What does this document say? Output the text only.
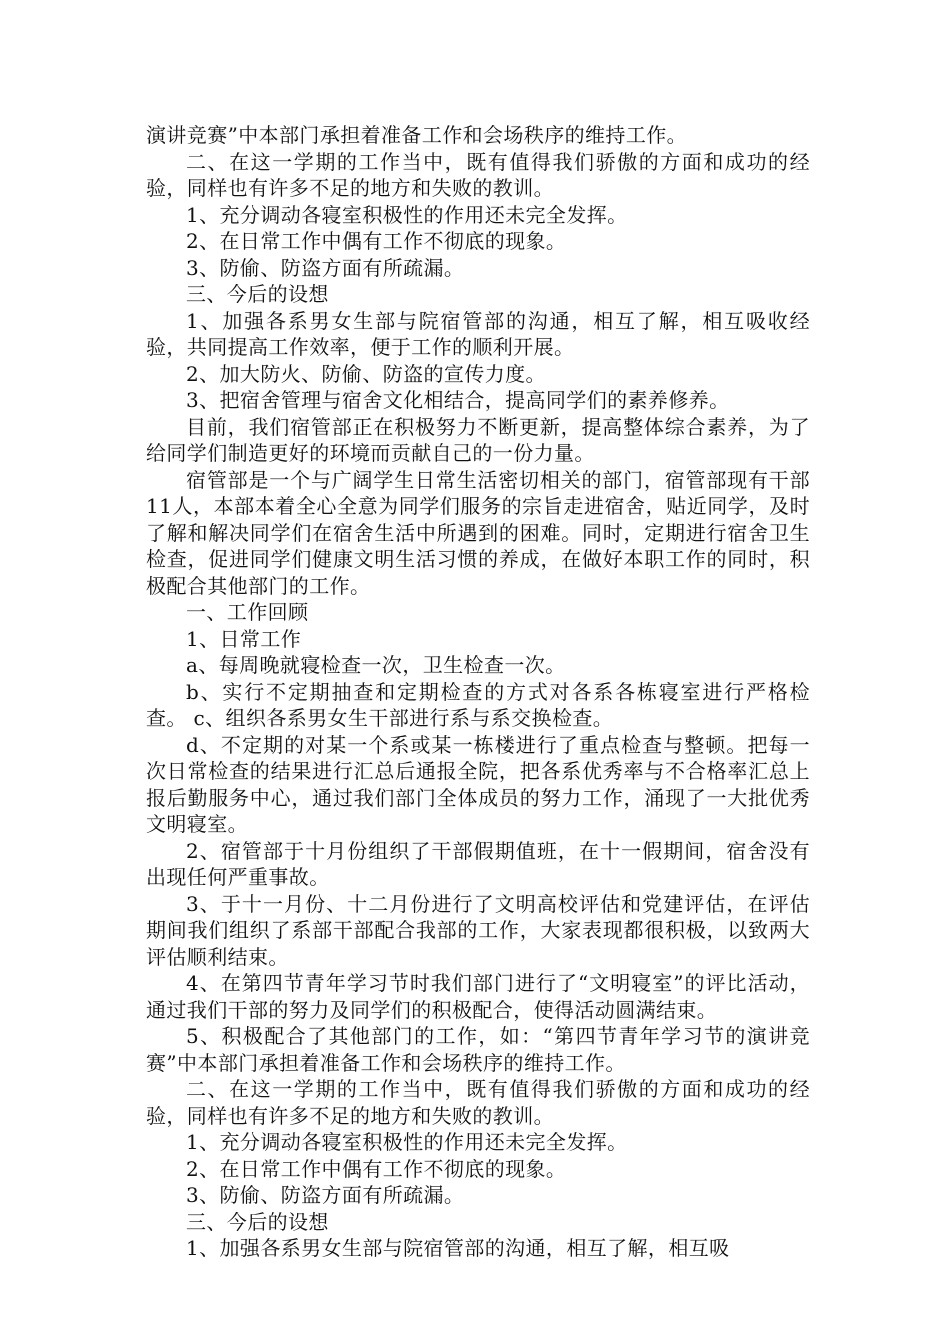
演讲竞赛”中本部门承担着准备工作和会场秩序的维持工作。

二、在这一学期的工作当中，既有值得我们骄傲的方面和成功的经验，同样也有许多不足的地方和失败的教训。

1、充分调动各寝室积极性的作用还未完全发挥。

2、在日常工作中偶有工作不彻底的现象。

3、防偷、防盗方面有所疏漏。

三、今后的设想

1、加强各系男女生部与院宿管部的沟通，相互了解，相互吸收经验，共同提高工作效率，便于工作的顺利开展。

2、加大防火、防偷、防盗的宣传力度。

3、把宿舍管理与宿舍文化相结合，提高同学们的素养修养。

目前，我们宿管部正在积极努力不断更新，提高整体综合素养，为了给同学们制造更好的环境而贡献自己的一份力量。

宿管部是一个与广阔学生日常生活密切相关的部门，宿管部现有干部11人，本部本着全心全意为同学们服务的宗旨走进宿舍，贴近同学，及时了解和解决同学们在宿舍生活中所遇到的困难。同时，定期进行宿舍卫生检查，促进同学们健康文明生活习惯的养成，在做好本职工作的同时，积极配合其他部门的工作。

一、工作回顾

1、日常工作

a、每周晚就寝检查一次，卫生检查一次。

b、实行不定期抽查和定期检查的方式对各系各栋寝室进行严格检查。 c、组织各系男女生干部进行系与系交换检查。

d、不定期的对某一个系或某一栋楼进行了重点检查与整顿。把每一次日常检查的结果进行汇总后通报全院，把各系优秀率与不合格率汇总上报后勤服务中心，通过我们部门全体成员的努力工作，涌现了一大批优秀文明寝室。

2、宿管部于十月份组织了干部假期值班，在十一假期间，宿舍没有出现任何严重事故。

3、于十一月份、十二月份进行了文明高校评估和党建评估，在评估期间我们组织了系部干部配合我部的工作，大家表现都很积极，以致两大评估顺利结束。

4、在第四节青年学习节时我们部门进行了“文明寝室”的评比活动，通过我们干部的努力及同学们的积极配合，使得活动圆满结束。

5、积极配合了其他部门的工作，如：“第四节青年学习节的演讲竞赛”中本部门承担着准备工作和会场秩序的维持工作。

二、在这一学期的工作当中，既有值得我们骄傲的方面和成功的经验，同样也有许多不足的地方和失败的教训。

1、充分调动各寝室积极性的作用还未完全发挥。

2、在日常工作中偶有工作不彻底的现象。

3、防偷、防盗方面有所疏漏。

三、今后的设想

1、加强各系男女生部与院宿管部的沟通，相互了解，相互吸
